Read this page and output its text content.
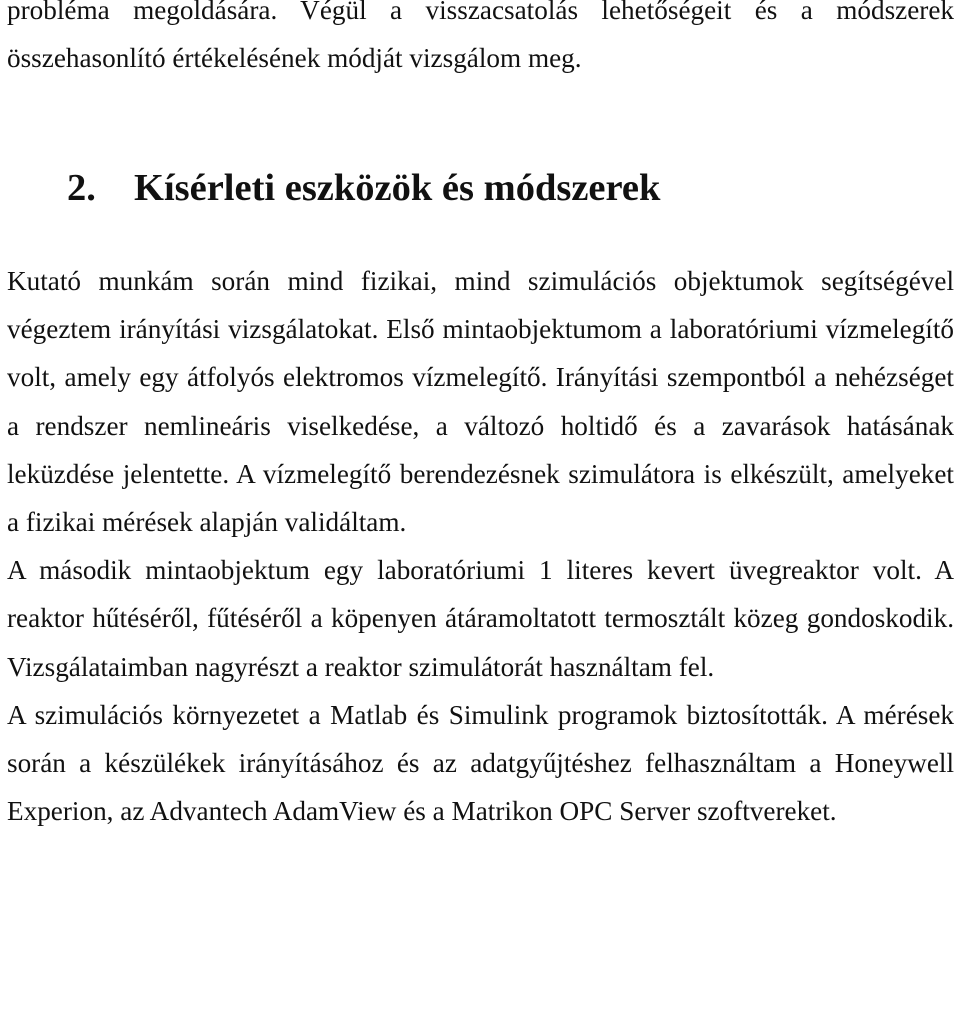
probléma megoldására. Végül a visszacsatolás lehetőségeit és a módszerek összehasonlító értékelésének módját vizsgálom meg.

2. Kísérleti eszközök és módszerek

Kutató munkám során mind fizikai, mind szimulációs objektumok segítségével végeztem irányítási vizsgálatokat. Első mintaobjektumom a laboratóriumi vízmelegítő volt, amely egy átfolyós elektromos vízmelegítő. Irányítási szempontból a nehézséget a rendszer nemlineáris viselkedése, a változó holtidő és a zavarások hatásának leküzdése jelentette. A vízmelegítő berendezésnek szimulátora is elkészült, amelyeket a fizikai mérések alapján validáltam.

A második mintaobjektum egy laboratóriumi 1 literes kevert üvegreaktor volt. A reaktor hűtéséről, fűtéséről a köpenyen átáramoltatott termosztált közeg gondoskodik. Vizsgálataimban nagyrészt a reaktor szimulátorát használtam fel.

A szimulációs környezetet a Matlab és Simulink programok biztosították. A mérések során a készülékek irányításához és az adatgyűjtéshez felhasználtam a Honeywell Experion, az Advantech AdamView és a Matrikon OPC Server szoftvereket.
